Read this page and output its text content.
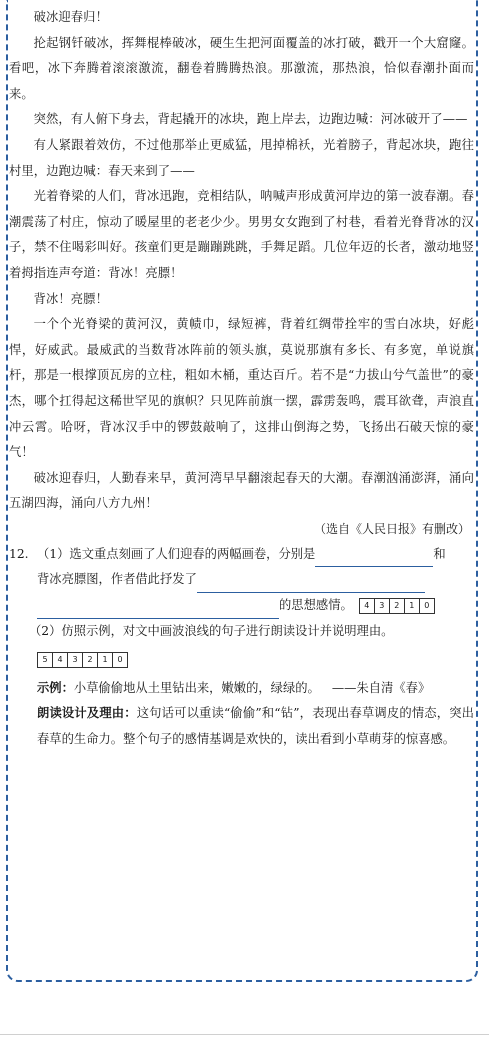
破冰迎春归！

抡起钢钎破冰，挥舞棍棒破冰，硬生生把河面覆盖的冰打破，戳开一个大窟窿。看吧，冰下奔腾着滚滚激流，翻卷着腾腾热浪。那激流，那热浪，恰似春潮扑面而来。

突然，有人俯下身去，背起撬开的冰块，跑上岸去，边跑边喊：河冰破开了——

有人紧跟着效仿，不过他那举止更威猛，甩掉棉袄，光着膀子，背起冰块，跑往村里，边跑边喊：春天来到了——

光着脊梁的人们，背冰迅跑，竞相结队，呐喊声形成黄河岸边的第一波春潮。春潮震荡了村庄，惊动了暖屋里的老老少少。男男女女跑到了村巷，看着光脊背冰的汉子，禁不住喝彩叫好。孩童们更是蹦蹦跳跳，手舞足蹈。几位年迈的长者，激动地竖着拇指连声夸道：背冰！亮膘！

背冰！亮膘！

一个个光脊梁的黄河汉，黄帻巾，绿短裤，背着红绸带拴牢的雪白冰块，好彪悍，好威武。最威武的当数背冰阵前的领头旗，莫说那旗有多长、有多宽，单说旗杆，那是一根撑顶瓦房的立柱，粗如木桶，重达百斤。若不是“力拔山兮气盖世”的豪杰，哪个扛得起这稀世罕见的旗帜？只见阵前旗一摆，霹雳轰鸣，震耳欲聋，声浪直冲云霄。哈呀，背冰汉手中的锣鼓敲响了，这排山倒海之势，飞扬出石破天惊的豪气！

破冰迎春归，人勤春来早，黄河湾早早翻滚起春天的大潮。春潮汹涌澎湃，涌向五湖四海，涌向八方九州！

（选自《人民日报》有删改）

12. （1）选文重点刻画了人们迎春的两幅画卷，分别是	和
背冰亮膘图，作者借此抒发了
的思想感情。	4	3	2	1	0
（2）仿照示例，对文中画波浪线的句子进行朗读设计并说明理由。
5	4	3	2	1	0
示例：小草偷偷地从土里钻出来，嫩嫩的，绿绿的。 ——朱自清《春》
朗读设计及理由：这句话可以重读“偷偷”和“钻”，表现出春草调皮的情态，突出春草的生命力。整个句子的感情基调是欢快的，读出看到小草萌芽的惊喜感。
